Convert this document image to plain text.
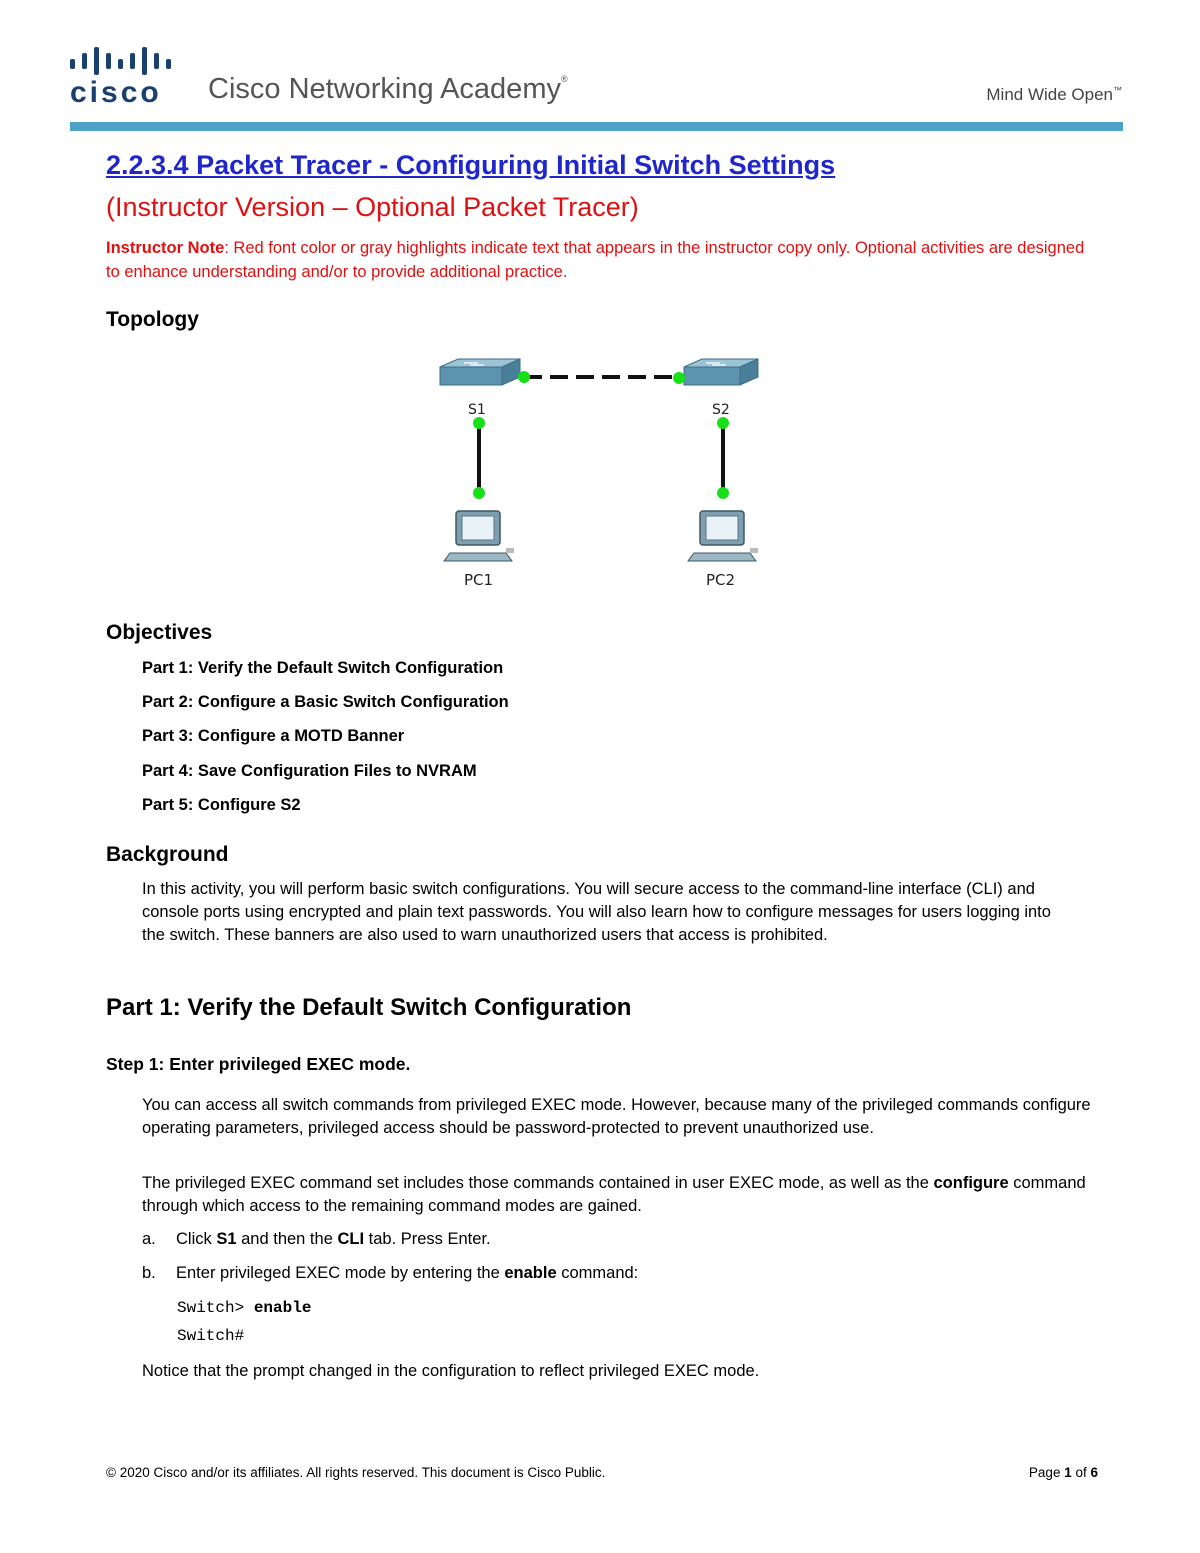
cisco Cisco Networking Academy®
Mind Wide Open™
2.2.3.4 Packet Tracer - Configuring Initial Switch Settings
(Instructor Version – Optional Packet Tracer)
Instructor Note: Red font color or gray highlights indicate text that appears in the instructor copy only. Optional activities are designed to enhance understanding and/or to provide additional practice.
Topology
S1	S2
PC1	PC2
Objectives
Part 1: Verify the Default Switch Configuration
Part 2: Configure a Basic Switch Configuration
Part 3: Configure a MOTD Banner
Part 4: Save Configuration Files to NVRAM
Part 5: Configure S2
Background
In this activity, you will perform basic switch configurations. You will secure access to the command-line interface (CLI) and console ports using encrypted and plain text passwords. You will also learn how to configure messages for users logging into the switch. These banners are also used to warn unauthorized users that access is prohibited.
Part 1: Verify the Default Switch Configuration
Step 1: Enter privileged EXEC mode.
You can access all switch commands from privileged EXEC mode. However, because many of the privileged commands configure operating parameters, privileged access should be password-protected to prevent unauthorized use.
The privileged EXEC command set includes those commands contained in user EXEC mode, as well as the configure command through which access to the remaining command modes are gained.
a. Click S1 and then the CLI tab. Press Enter.
b. Enter privileged EXEC mode by entering the enable command:
Switch> enable
Switch#
Notice that the prompt changed in the configuration to reflect privileged EXEC mode.
© 2020 Cisco and/or its affiliates. All rights reserved. This document is Cisco Public.	Page 1 of 6
